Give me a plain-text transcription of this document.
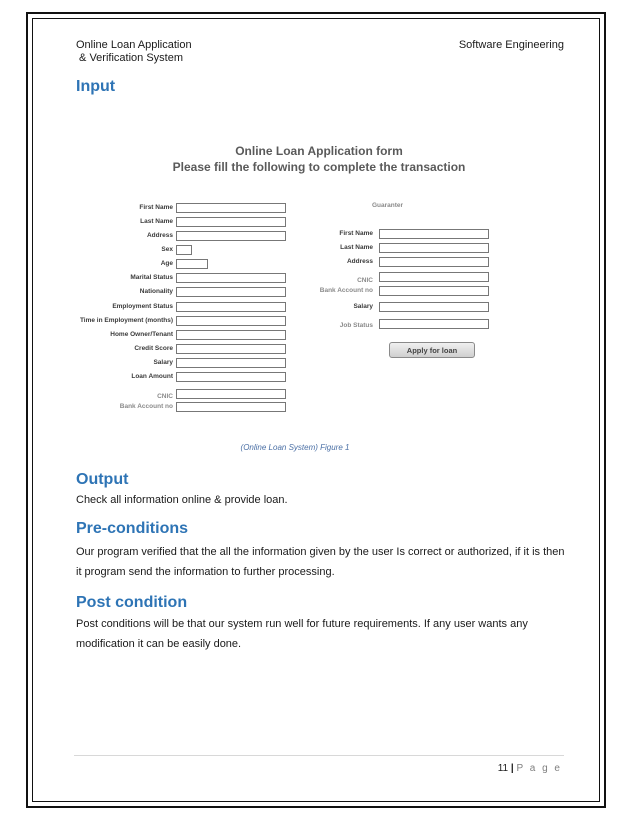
Online Loan Application
& Verification System
Software Engineering
Input
Online Loan Application form
Please fill the following to complete the transaction
First Name
Last Name
Address
Sex
Age
Marital Status
Nationality
Employment Status
Time in Employment (months)
Home Owner/Tenant
Credit Score
Salary
Loan Amount
CNIC
Bank Account no
Guaranter
First Name
Last Name
Address
CNIC
Bank Account no
Salary
Job Status
Apply for loan
(Online Loan System) Figure 1
Output
Check all information online & provide loan.
Pre-conditions
Our program verified that the all the information given by the user Is correct or authorized, if it is then it program send the information to further processing.
Post condition
Post conditions will be that our system run well for future requirements. If any user wants any modification it can be easily done.
11 | P a g e
